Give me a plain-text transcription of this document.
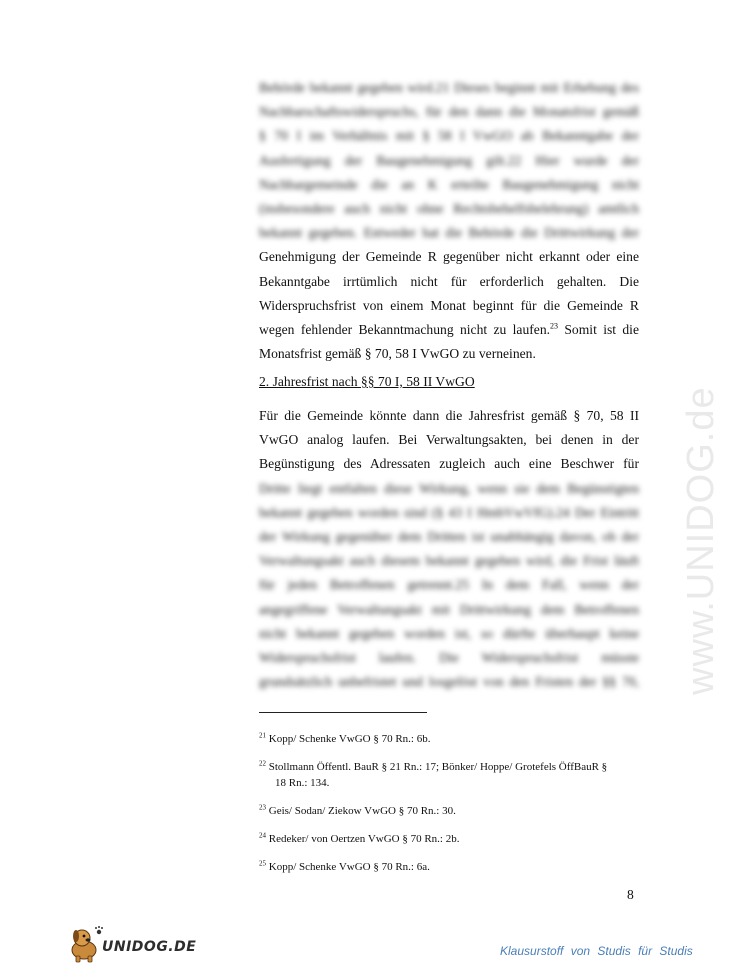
www.UNIDOG.de
Behörde bekannt gegeben wird.21 Dieses beginnt mit Erhebung des
Nachbarschaftswiderspruchs, für den dann die Monatsfrist gemäß
§ 70 I im Verhältnis mit § 58 I VwGO ab Bekanntgabe der
Ausfertigung der Baugenehmigung gilt.22 Hier wurde der
Nachbargemeinde die an K erteilte Baugenehmigung nicht
(insbesondere auch nicht ohne Rechtsbehelfsbelehrung) amtlich
bekannt gegeben. Entweder hat die Behörde die Drittwirkung der
Genehmigung der Gemeinde R gegenüber nicht erkannt oder eine
Bekanntgabe irrtümlich nicht für erforderlich gehalten. Die
Widerspruchsfrist von einem Monat beginnt für die Gemeinde R
wegen fehlender Bekanntmachung nicht zu laufen.$^{23}$ Somit ist die
Monatsfrist gemäß § 70, 58 I VwGO zu verneinen.
2. Jahresfrist nach §§ 70 I, 58 II VwGO
Für die Gemeinde könnte dann die Jahresfrist gemäß § 70, 58 II
VwGO analog laufen. Bei Verwaltungsakten, bei denen in der
Begünstigung des Adressaten zugleich auch eine Beschwer für
Dritte liegt entfalten diese Wirkung, wenn sie dem Begünstigten
bekannt gegeben worden sind (§ 43 I HmbVwVfG).24 Der Eintritt
der Wirkung gegenüber dem Dritten ist unabhängig davon, ob der
Verwaltungsakt auch diesem bekannt gegeben wird, die Frist läuft
für jeden Betroffenen getrennt.25 In dem Fall, wenn der
angegriffene Verwaltungsakt mit Drittwirkung dem Betroffenen
nicht bekannt gegeben worden ist, so dürfte überhaupt keine
Widerspruchsfrist laufen. Die Widerspruchsfrist müsste
grundsätzlich unbefristet und losgelöst von den Fristen der §§ 70,
$^{21}$ Kopp/ Schenke VwGO § 70 Rn.: 6b.
$^{22}$ Stollmann Öffentl. BauR § 21 Rn.: 17; Bönker/ Hoppe/ Grotefels ÖffBauR §
18 Rn.: 134.
$^{23}$ Geis/ Sodan/ Ziekow VwGO § 70 Rn.: 30.
$^{24}$ Redeker/ von Oertzen VwGO § 70 Rn.: 2b.
$^{25}$ Kopp/ Schenke VwGO § 70 Rn.: 6a.
8
UNIDOG.DE	Klausurstoff von Studis für Studis
